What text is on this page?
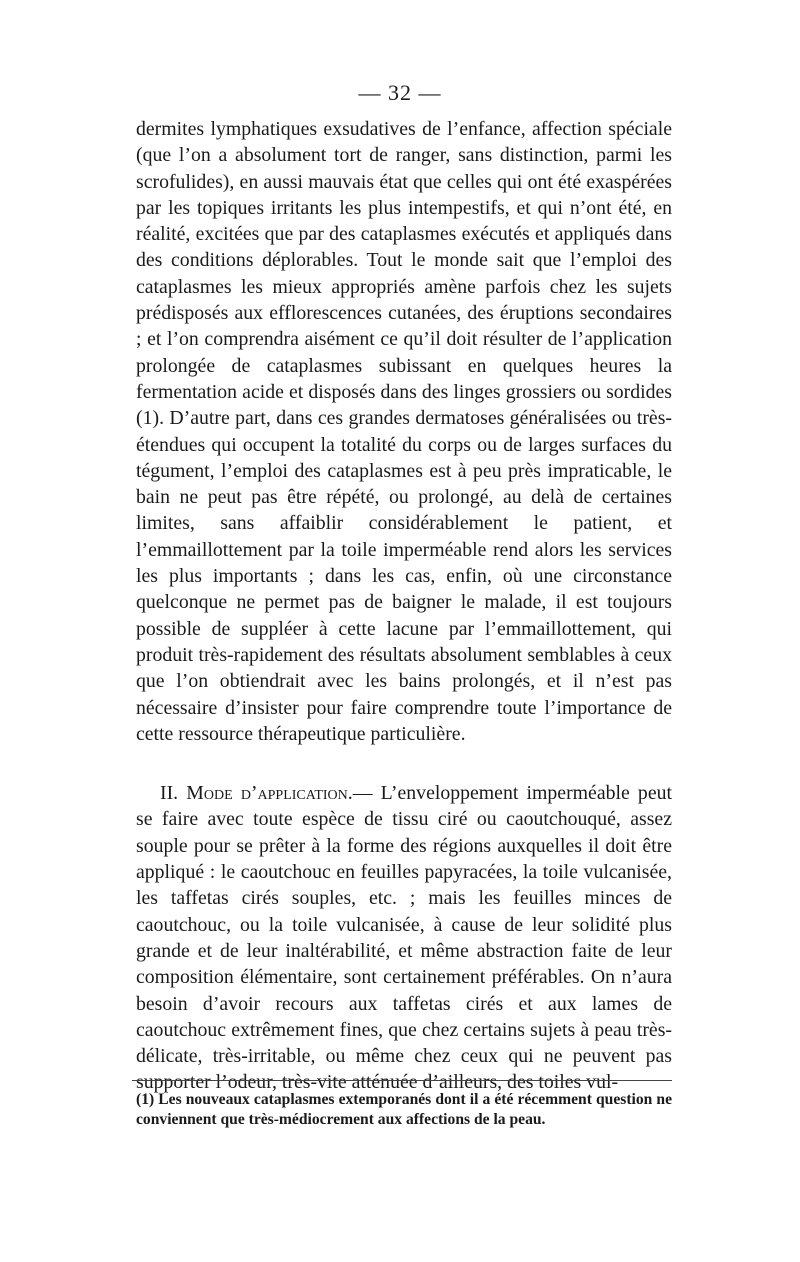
— 32 —

dermites lymphatiques exsudatives de l’enfance, affection spéciale (que l’on a absolument tort de ranger, sans distinction, parmi les scrofulides), en aussi mauvais état que celles qui ont été exaspérées par les topiques irritants les plus intempestifs, et qui n’ont été, en réalité, excitées que par des cataplasmes exécutés et appliqués dans des conditions déplorables. Tout le monde sait que l’emploi des cataplasmes les mieux appropriés amène parfois chez les sujets prédisposés aux efflorescences cutanées, des éruptions secondaires ; et l’on comprendra aisément ce qu’il doit résulter de l’application prolongée de cataplasmes subissant en quelques heures la fermentation acide et disposés dans des linges grossiers ou sordides (1). D’autre part, dans ces grandes dermatoses généralisées ou très-étendues qui occupent la totalité du corps ou de larges surfaces du tégument, l’emploi des cataplasmes est à peu près impraticable, le bain ne peut pas être répété, ou prolongé, au delà de certaines limites, sans affaiblir considérablement le patient, et l’emmaillottement par la toile imperméable rend alors les services les plus importants ; dans les cas, enfin, où une circonstance quelconque ne permet pas de baigner le malade, il est toujours possible de suppléer à cette lacune par l’emmaillottement, qui produit très-rapidement des résultats absolument semblables à ceux que l’on obtiendrait avec les bains prolongés, et il n’est pas nécessaire d’insister pour faire comprendre toute l’importance de cette ressource thérapeutique particulière.

II. Mode d’application.— L’enveloppement imperméable peut se faire avec toute espèce de tissu ciré ou caoutchouqué, assez souple pour se prêter à la forme des régions auxquelles il doit être appliqué : le caoutchouc en feuilles papyracées, la toile vulcanisée, les taffetas cirés souples, etc. ; mais les feuilles minces de caoutchouc, ou la toile vulcanisée, à cause de leur solidité plus grande et de leur inaltérabilité, et même abstraction faite de leur composition élémentaire, sont certainement préférables. On n’aura besoin d’avoir recours aux taffetas cirés et aux lames de caoutchouc extrêmement fines, que chez certains sujets à peau très-délicate, très-irritable, ou même chez ceux qui ne peuvent pas supporter l’odeur, très-vite atténuée d’ailleurs, des toiles vul-

(1) Les nouveaux cataplasmes extemporanés dont il a été récemment question ne conviennent que très-médiocrement aux affections de la peau.
